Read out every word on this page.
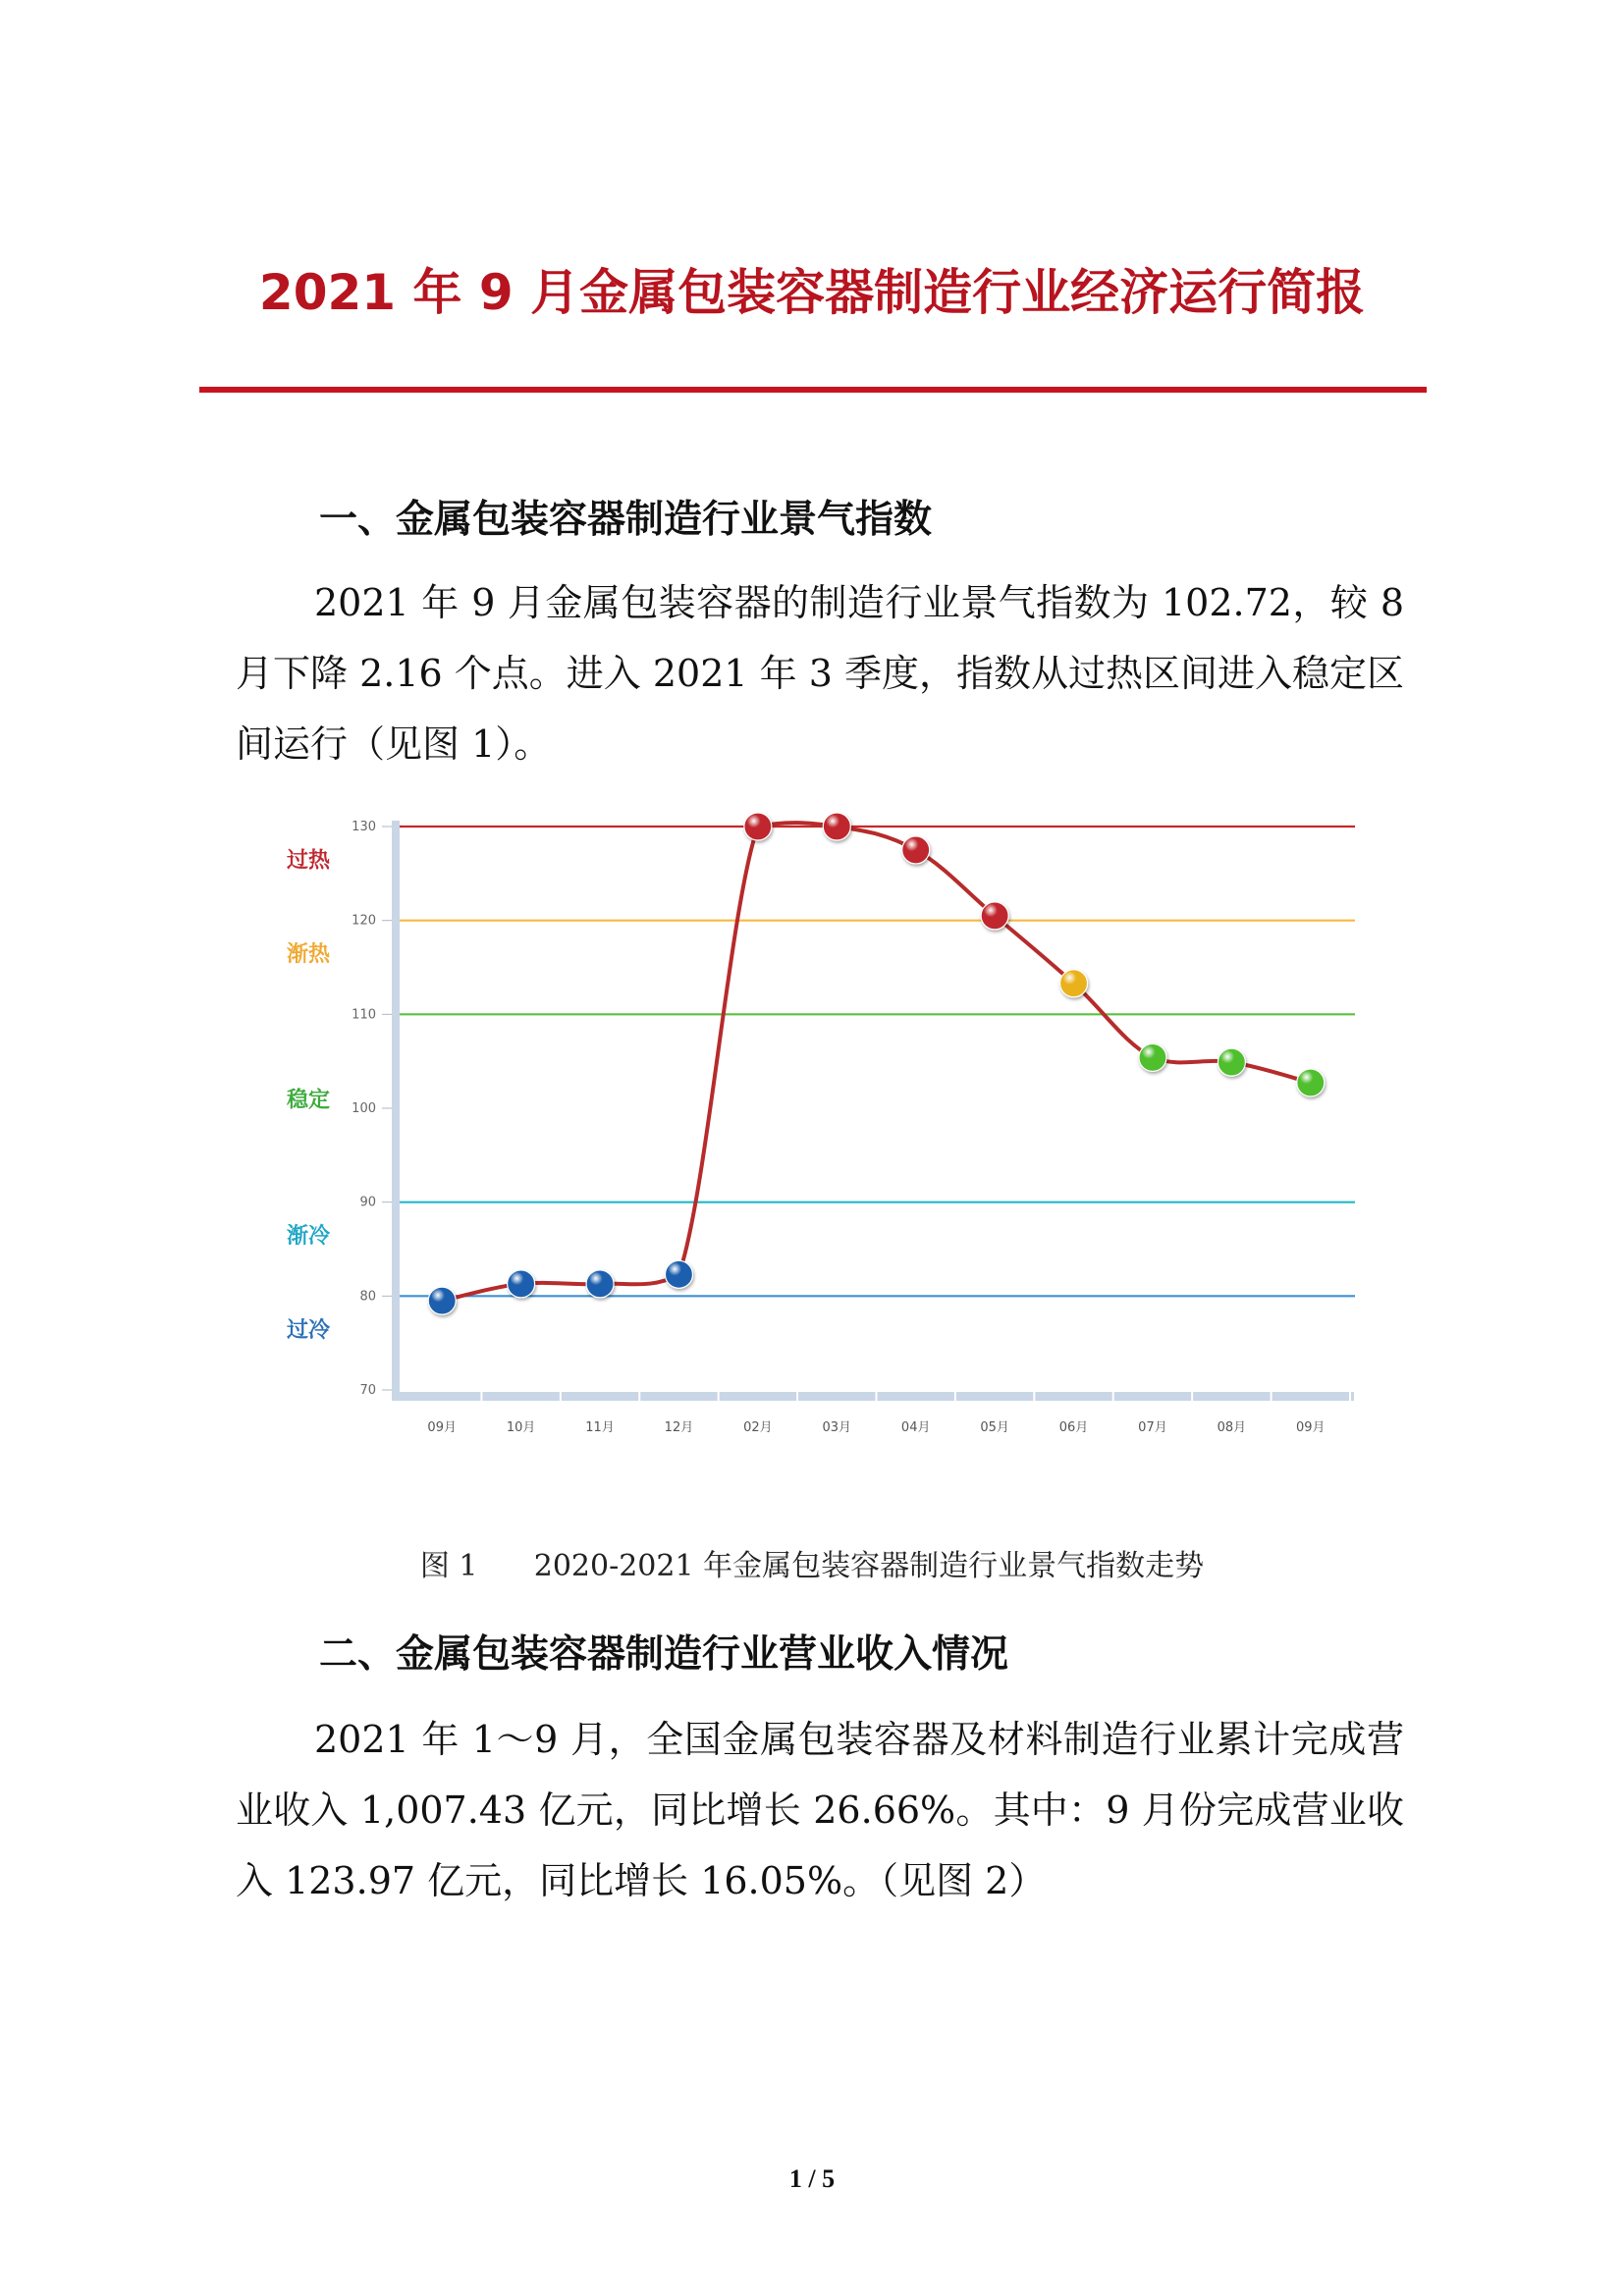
2021 年 9 月金属包装容器制造行业经济运行简报
一、金属包装容器制造行业景气指数
2021 年 9 月金属包装容器的制造行业景气指数为 102.72，较 8 月下降 2.16 个点。进入 2021 年 3 季度，指数从过热区间进入稳定区间运行（见图 1）。
70
80
90
100
110
120
130
过热
渐热
稳定
渐冷
过冷
09月	10月	11月	12月	02月	03月	04月	05月	06月	07月	08月	09月
图 1 2020-2021 年金属包装容器制造行业景气指数走势
二、金属包装容器制造行业营业收入情况
2021 年 1～9 月，全国金属包装容器及材料制造行业累计完成营业收入 1,007.43 亿元，同比增长 26.66%。其中：9 月份完成营业收入 123.97 亿元，同比增长 16.05%。（见图 2）
1 / 5
